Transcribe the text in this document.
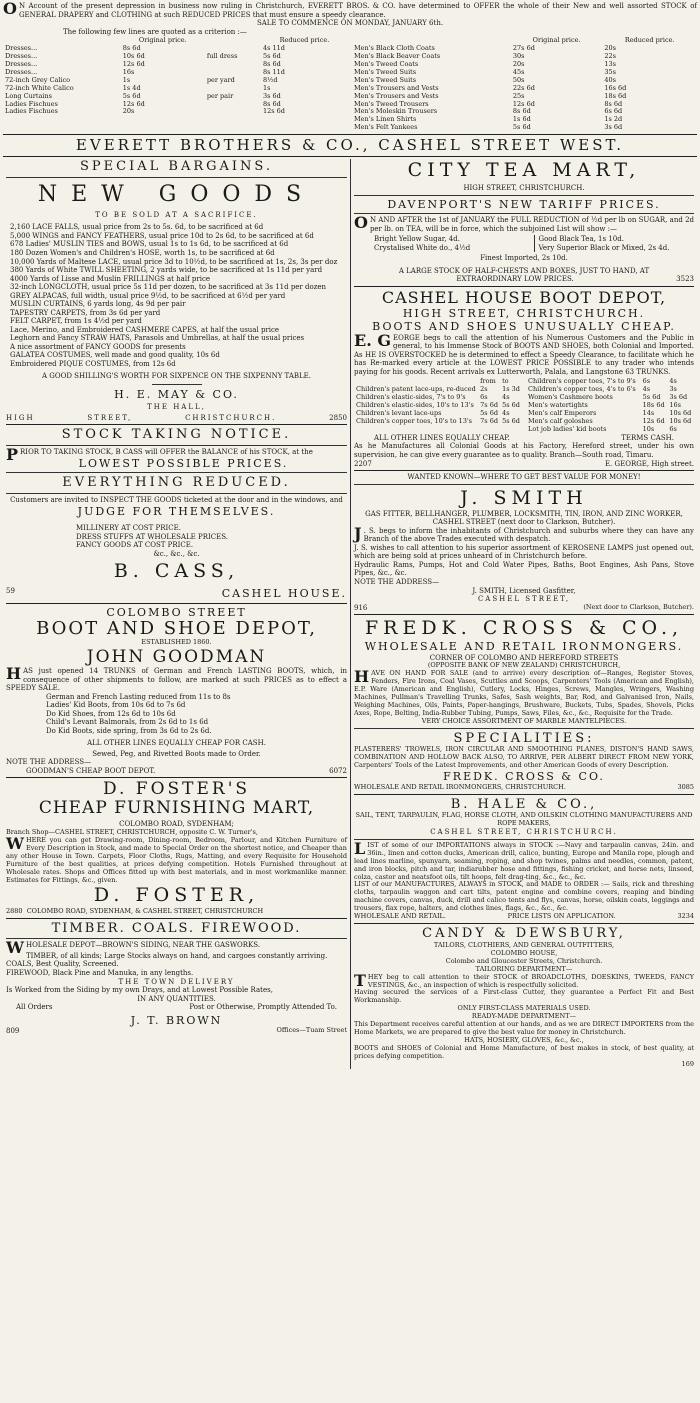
O N Account of the present depression in business now ruling in Christchurch, EVERETT BROS. & CO. have determined to OFFER the whole of their New and well assorted STOCK of GENERAL DRAPERY and CLOTHING at such REDUCED PRICES that must ensure a speedy clearance.

SALE TO COMMENCE ON MONDAY, JANUARY 6th.

The following few lines are quoted as a criterion :—

	Original price.		Reduced price.
Dresses...	8s 6d		4s 11d
Dresses...	10s 6d	full dress	5s 6d
Dresses...	12s 6d		8s 6d
Dresses...	16s		8s 11d
72-inch Grey Calico	1s	per yard	8½d
72-inch White Calico	1s 4d		1s
Long Curtains	5s 6d	per pair	3s 6d
Ladies Fischues	12s 6d		8s 6d
Ladies Fischues	20s		12s 6d
	Original price.	Reduced price.
Men's Black Cloth Coats	27s 6d	20s
Men's Black Beaver Coats	30s	22s
Men's Tweed Coats	20s	13s
Men's Tweed Suits	45s	35s
Men's Tweed Suits	50s	40s
Men's Trousers and Vests	22s 6d	16s 6d
Men's Trousers and Vests	25s	18s 6d
Men's Tweed Trousers	12s 6d	8s 6d
Men's Moleskin Trousers	8s 6d	6s 6d
Men's Linen Shirts	1s 6d	1s 2d
Men's Felt Yankees	5s 6d	3s 6d

EVERETT BROTHERS & CO., CASHEL STREET WEST.

SPECIAL BARGAINS.

NEW GOODS

TO BE SOLD AT A SACRIFICE.

2,160 LACE FALLS, usual price from 2s to 5s. 6d, to be sacrificed at 6d

5,000 WINGS and FANCY FEATHERS, usual price 10d to 2s 6d, to be sacrificed at 6d

678 Ladies' MUSLIN TIES and BOWS, usual 1s to 1s 6d, to be sacrificed at 6d

180 Dozen Women's and Children's HOSE, worth 1s, to be sacrificed at 6d

10,000 Yards of Maltese LACE, usual price 3d to 10½d, to be sacrificed at 1s, 2s, 3s per doz

380 Yards of White TWILL SHEETING, 2 yards wide, to be sacrificed at 1s 11d per yard

4000 Yards of Lisse and Muslin FRILLINGS at half price

32-inch LONGCLOTH, usual price 5s 11d per dozen, to be sacrificed at 3s 11d per dozen

GREY ALPACAS, full width, usual price 9½d, to be sacrificed at 6½d per yard

MUSLIN CURTAINS, 6 yards long, 4s 9d per pair

TAPESTRY CARPETS, from 3s 6d per yard

FELT CARPET, from 1s 4½d per yard

Lace, Merino, and Embroidered CASHMERE CAPES, at half the usual price

Leghorn and Fancy STRAW HATS, Parasols and Umbrellas, at half the usual prices

A nice assortment of FANCY GOODS for presents

GALATEA COSTUMES, well made and good quality, 10s 6d

Embroidered PIQUE COSTUMES, from 12s 6d

A GOOD SHILLING'S WORTH FOR SIXPENCE ON THE SIXPENNY TABLE.

H. E. MAY & CO.

THE HALL,

HIGH	STREET,	CHRISTCHURCH.	2850

STOCK TAKING NOTICE.

PRIOR TO TAKING STOCK, B CASS will OFFER the BALANCE of his STOCK, at the

LOWEST POSSIBLE PRICES.

EVERYTHING REDUCED.

Customers are invited to INSPECT THE GOODS ticketed at the door and in the windows, and

JUDGE FOR THEMSELVES.

MILLINERY AT COST PRICE.

DRESS STUFFS AT WHOLESALE PRICES.

FANCY GOODS AT COST PRICE.

&c., &c., &c.

B. CASS,

59	CASHEL HOUSE.

COLOMBO STREET

BOOT AND SHOE DEPOT,

ESTABLISHED 1860.

JOHN GOODMAN

HAS just opened 14 TRUNKS of German and French LASTING BOOTS, which, in consequence of other shipments to follow, are marked at such PRICES as to effect a SPEEDY SALE.

German and French Lasting reduced from 11s to 8s

Ladies' Kid Boots, from 10s 6d to 7s 6d

Do Kid Shoes, from 12s 6d to 10s 6d

Child's Levant Balmorals, from 2s 6d to 1s 6d

Do Kid Boots, side spring, from 3s 6d to 2s 6d.

ALL OTHER LINES EQUALLY CHEAP FOR CASH.

Sewed, Peg, and Rivetted Boots made to Order.

NOTE THE ADDRESS—

GOODMAN'S CHEAP BOOT DEPOT.	6072

D. FOSTER'S

CHEAP FURNISHING MART,

COLOMBO ROAD, SYDENHAM;

Branch Shop—CASHEL STREET, CHRISTCHURCH, opposite C. W. Turner's,

WHERE you can get Drawing-room, Dining-room, Bedroom, Parlour, and Kitchen Furniture of Every Description in Stock, and made to Special Order on the shortest notice, and Cheaper than any other House in Town. Carpets, Floor Cloths, Rugs, Matting, and every Requisite for Household Furniture of the best qualities, at prices defying competition. Hotels Furnished throughout at Wholesale rates. Shops and Offices fitted up with best materials, and in most workmanlike manner. Estimates for Fittings, &c., given.

D. FOSTER,

2880 COLOMBO ROAD, SYDENHAM, & CASHEL STREET, CHRISTCHURCH

TIMBER. COALS. FIREWOOD.

WHOLESALE DEPOT—BROWN'S SIDING, NEAR THE GASWORKS.

TIMBER, of all kinds; Large Stocks always on hand, and cargoes constantly arriving.

COALS, Best Quality, Screened.

FIREWOOD, Black Pine and Manuka, in any lengths.

THE TOWN DELIVERY

Is Worked from the Siding by my own Drays, and at Lowest Possible Rates,

IN ANY QUANTITIES.

All Orders	Post or Otherwise, Promptly Attended To.

J. T. BROWN

809	Offices—Tuam Street

CITY TEA MART,

HIGH STREET, CHRISTCHURCH.

DAVENPORT'S NEW TARIFF PRICES.

O N AND AFTER the 1st of JANUARY the FULL REDUCTION of ½d per lb on SUGAR, and 2d per lb. on TEA, will be in force, which the subjoined List will show :—

Bright Yellow Sugar, 4d.

Crystalised White do., 4½d

Good Black Tea, 1s 10d.

Very Superior Black or Mixed, 2s 4d.

Finest Imported, 2s 10d.

A LARGE STOCK OF HALF-CHESTS AND BOXES, JUST TO HAND, AT

EXTRAORDINARY LOW PRICES.	3523

CASHEL HOUSE BOOT DEPOT,

HIGH STREET, CHRISTCHURCH.

BOOTS AND SHOES UNUSUALLY CHEAP.

E. G EORGE begs to call the attention of his Numerous Customers and the Public in general, to his Immense Stock of BOOTS AND SHOES, both Colonial and Imported. As HE IS OVERSTOCKED he is determined to effect a Speedy Clearance, to facilitate which he has Re-marked every article at the LOWEST PRICE POSSIBLE to any trader who intends paying for his goods. Recent arrivals ex Lutterworth, Palala, and Langstone 63 TRUNKS.

	from	to
Children's patent lace-ups, re-duced	2s	1s 3d
Children's elastic-sides, 7's to 9's	6s	4s
Children's elastic-sides, 10's to 13's	7s 6d	5s 6d
Children's levant lace-ups	5s 6d	4s
Children's copper toes, 10's to 13's	7s 6d	5s 6d
Children's copper toes, 7's to 9's	6s	4s
Children's copper toes, 4's to 6's	4s	3s
Women's Cashmere boots	5s 6d	3s 6d
Men's watertights	18s 6d	16s
Men's calf Emperors	14s	10s 6d
Men's calf goloshes	12s 6d	10s 6d
Lot job ladies' kid boots	10s	6s
ALL OTHER LINES EQUALLY CHEAP.	TERMS CASH.

As he Manufactures all Colonial Goods at his Factory, Hereford street, under his own supervision, he can give every guarantee as to quality. Branch—South road, Timaru.

2207	E. GEORGE, High street.

WANTED KNOWN—WHERE TO GET BEST VALUE FOR MONEY!

J. SMITH

GAS FITTER, BELLHANGER, PLUMBER, LOCKSMITH, TIN, IRON, AND ZINC WORKER,

CASHEL STREET (next door to Clarkson, Butcher).

J . S. begs to inform the inhabitants of Christchurch and suburbs where they can have any Branch of the above Trades executed with despatch.

J. S. wishes to call attention to his superior assortment of KEROSENE LAMPS just opened out, which are being sold at prices unheard of in Christchurch before.

Hydraulic Rams, Pumps, Hot and Cold Water Pipes, Baths, Boot Engines, Ash Pans, Stove Pipes, &c., &c.

NOTE THE ADDRESS—

J. SMITH, Licensed Gasfitter,

CASHEL STREET,

916	(Next door to Clarkson, Butcher).

FREDK. CROSS & CO.,

WHOLESALE AND RETAIL IRONMONGERS.

CORNER OF COLOMBO AND HEREFORD STREETS

(OPPOSITE BANK OF NEW ZEALAND) CHRISTCHURCH,

HAVE ON HAND FOR SALE (and to arrive) every description of—Ranges, Register Stoves, Fenders, Fire Irons, Coal Vases, Scuttles and Scoops, Carpenters' Tools (American and English), E.P. Ware (American and English), Cutlery, Locks, Hinges, Screws, Mangles, Wringers, Washing Machines, Pullman's Travelling Trunks, Safes, Sash weights, Bar, Rod, and Galvanised Iron, Nails, Weighing Machines, Oils, Paints, Paper-hangings, Brushware, Buckets, Tubs, Spades, Shovels, Picks Axes, Rope, Belting, India-Rubber Tubing, Pumps, Saws, Files, &c., &c., Requisite for the Trade.

VERY CHOICE ASSORTMENT OF MARBLE MANTELPIECES.

SPECIALITIES:

PLASTERERS' TROWELS, IRON CIRCULAR AND SMOOTHING PLANES, DISTON'S HAND SAWS, COMBINATION AND HOLLOW BACK ALSO, TO ARRIVE, PER ALBERT DIRECT FROM NEW YORK, Carpenters' Tools of the Latest Improvements, and other American Goods of every Description.

FREDK. CROSS & CO.

WHOLESALE AND RETAIL IRONMONGERS, CHRISTCHURCH.	3085

B. HALE & CO.,

SAIL, TENT, TARPAULIN, FLAG, HORSE CLOTH, AND OILSKIN CLOTHING MANUFACTURERS AND ROPE MAKERS,

CASHEL STREET, CHRISTCHURCH.

LIST of some of our IMPORTATIONS always in STOCK :—Navy and tarpaulin canvas, 24in. and 36in., linen and cotton ducks, American drill, calico, bunting, Europe and Manila rope, plough and lead lines marline, spunyarn, seaming, roping, and shop twines, palms and needles, common, patent, and iron blocks, pitch and tar, indiarubber hose and fittings, fishing cricket, and horse nets, linseed, colza, castor and neatsfoot oils, tilt hoops, felt drag-ting, &c., &c., &c.

LIST of our MANUFACTURES, ALWAYS in STOCK, and MADE to ORDER :— Sails, rick and threshing cloths, tarpaulin waggon and cart tilts, patent engine and combine covers, reaping and binding machine covers, canvas, duck, drill and calico tents and flys, canvas, horse, oilskin coats, leggings and trousers, flax rope, halters, and clothes lines, flags, &c., &c., &c.

WHOLESALE AND RETAIL.	PRICE LISTS ON APPLICATION.	3234

CANDY & DEWSBURY,

TAILORS, CLOTHIERS, AND GENERAL OUTFITTERS,

COLOMBO HOUSE,

Colombo and Gloucester Streets, Christchurch.

TAILORING DEPARTMENT—

THEY beg to call attention to their STOCK of BROADCLOTHS, DOESKINS, TWEEDS, FANCY VESTINGS, &c., an inspection of which is respectfully solicited.

Having secured the services of a First-class Cutter, they guarantee a Perfect Fit and Best Workmanship.

ONLY FIRST-CLASS MATERIALS USED.

READY-MADE DEPARTMENT—

This Department receives careful attention at our hands, and as we are DIRECT IMPORTERS from the Home Markets, we are prepared to give the best value for money in Christchurch.

HATS, HOSIERY, GLOVES, &c., &c.,

BOOTS and SHOES of Colonial and Home Manufacture, of best makes in stock, of best quality, at prices defying competition.

169
